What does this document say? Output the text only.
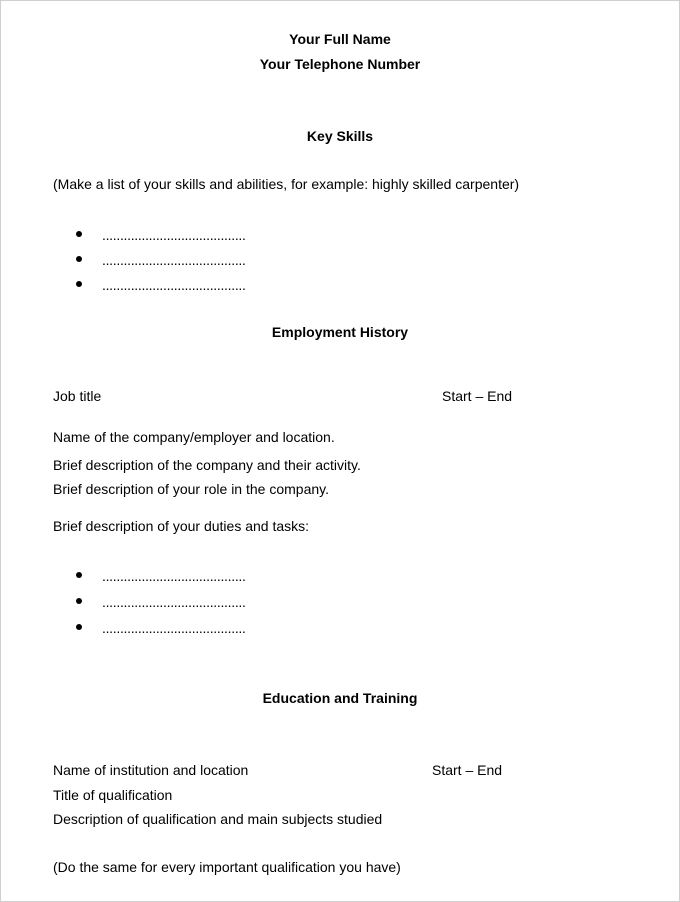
Your Full Name
Your Telephone Number
Key Skills
(Make a list of your skills and abilities, for example: highly skilled carpenter)
........................................
........................................
........................................
Employment History
Job title	Start – End
Name of the company/employer and location.
Brief description of the company and their activity.
Brief description of your role in the company.
Brief description of your duties and tasks:
........................................
........................................
........................................
Education and Training
Name of institution and location	Start – End
Title of qualification
Description of qualification and main subjects studied
(Do the same for every important qualification you have)
